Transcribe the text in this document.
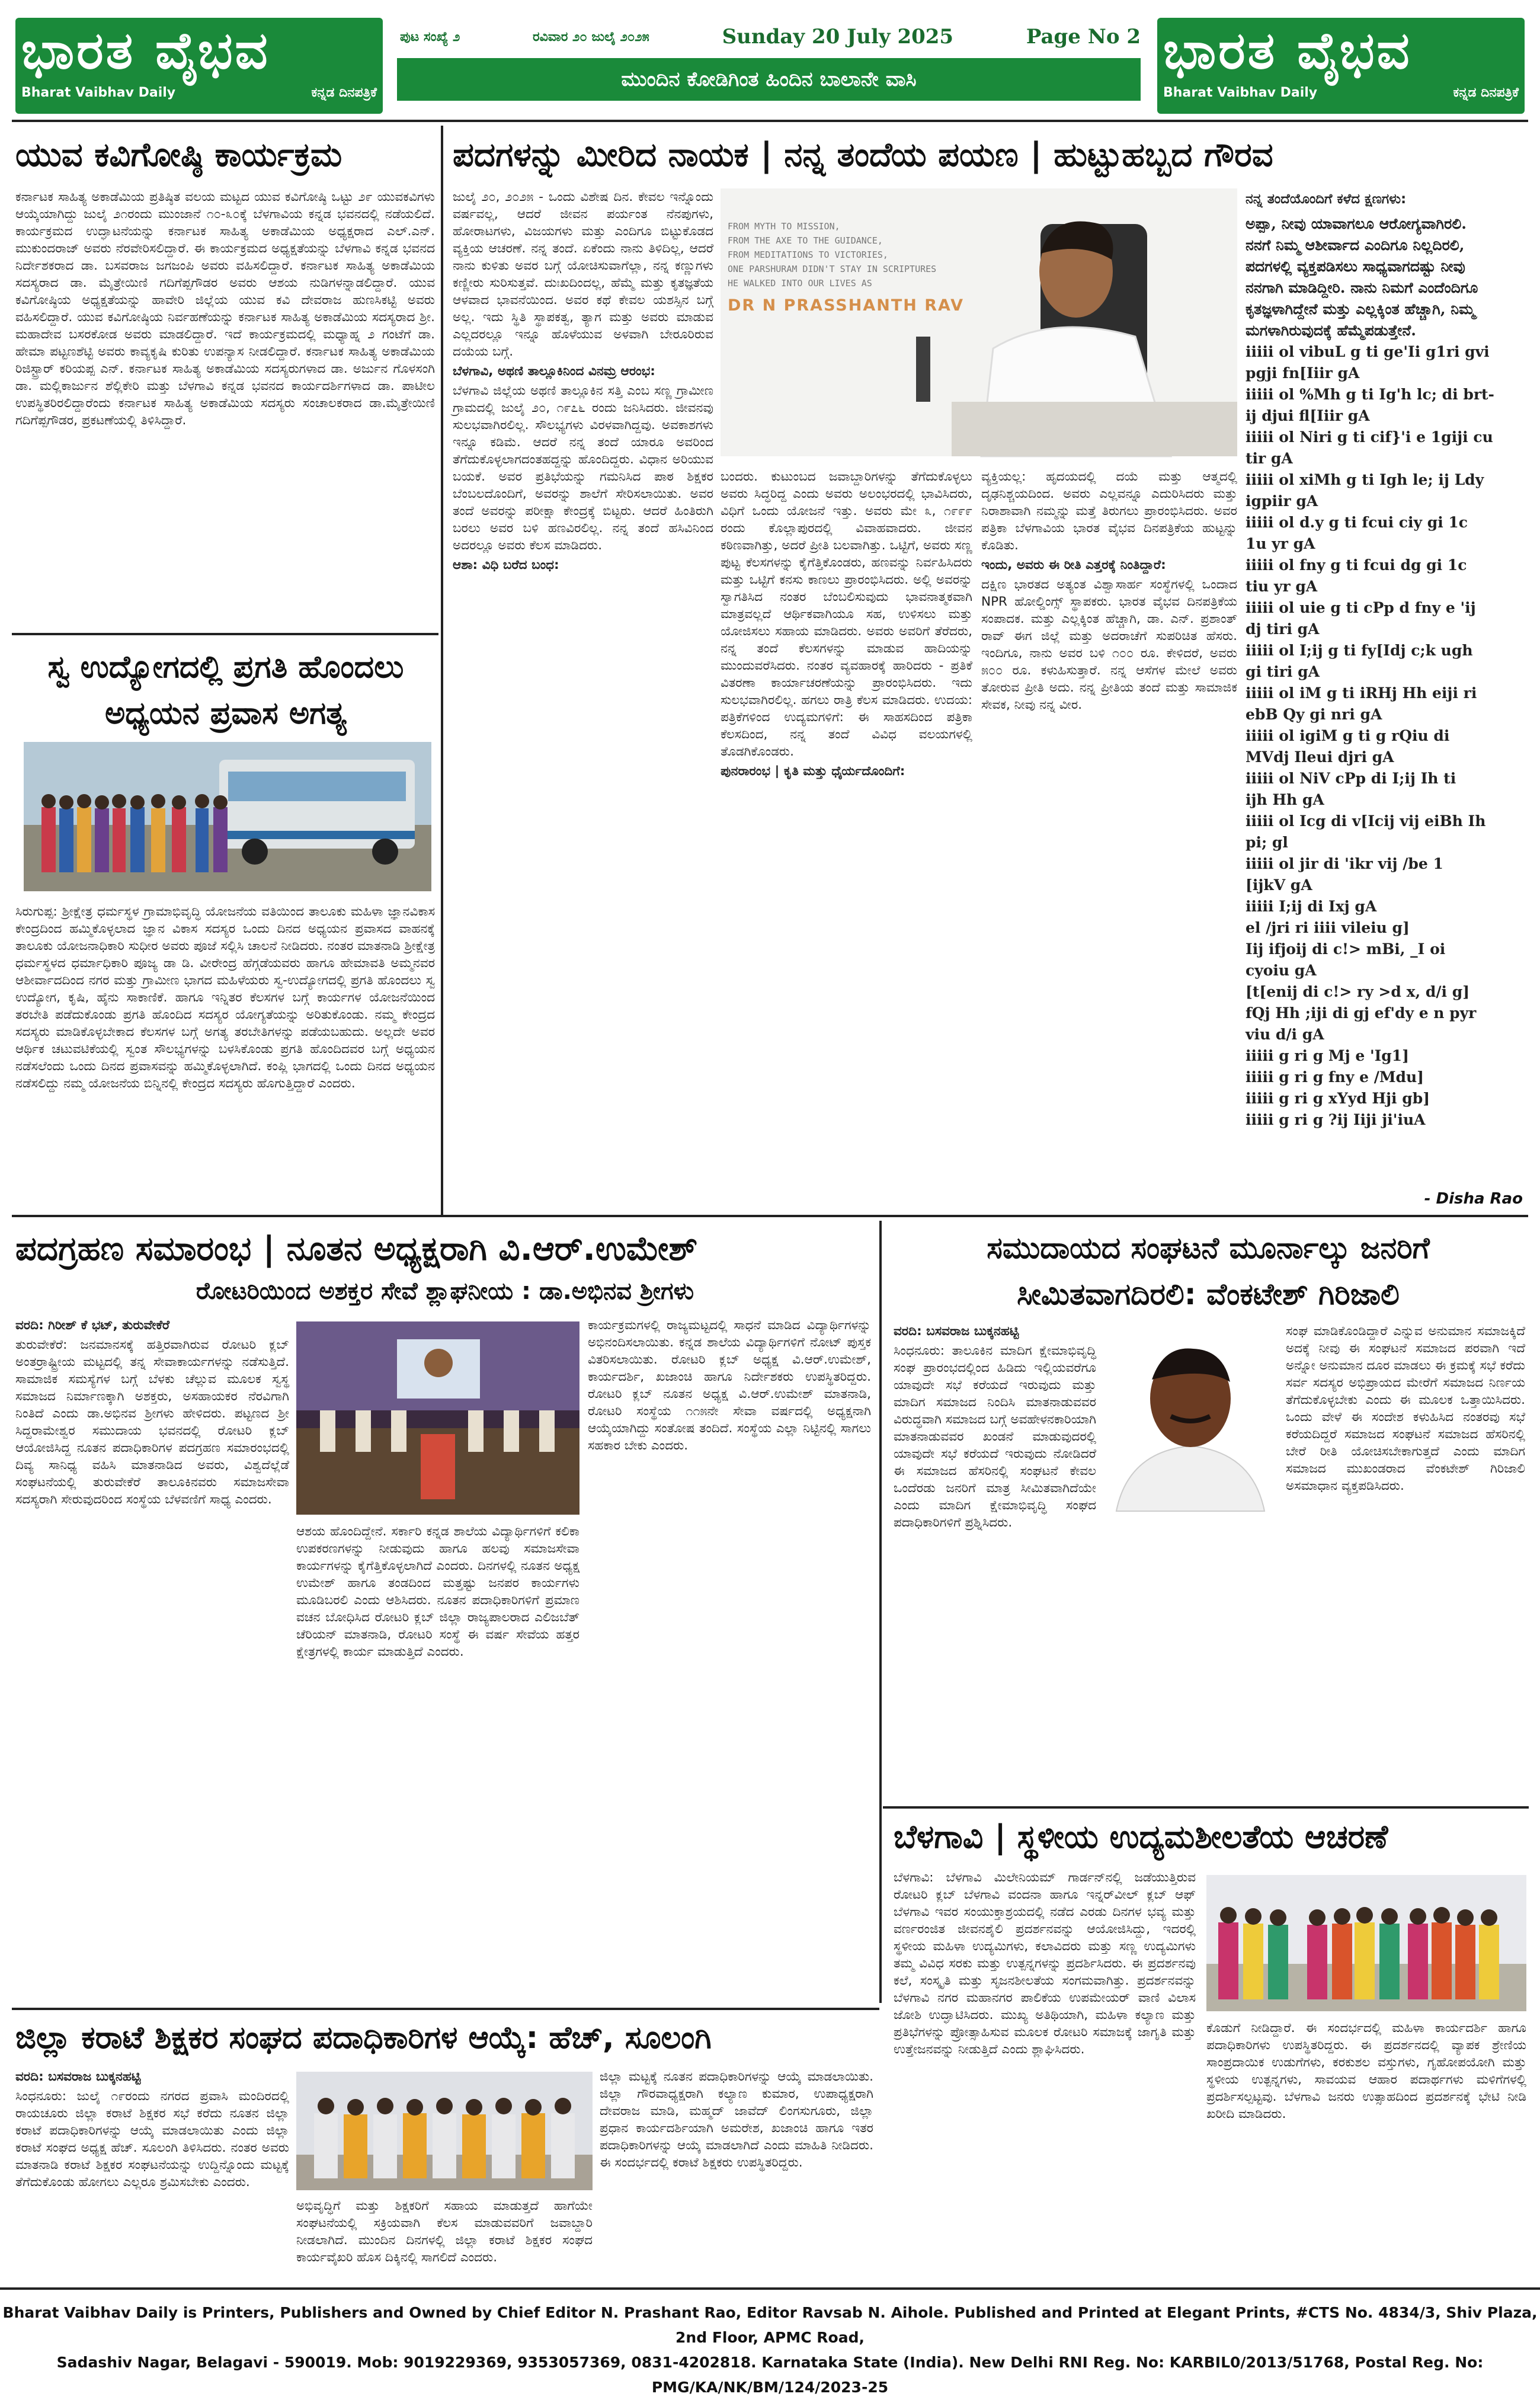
ಭಾರತ ವೈಭವ
Bharat Vaibhav Daily	ಕನ್ನಡ ದಿನಪತ್ರಿಕೆ
ಪುಟ ಸಂಖ್ಯೆ ೨	ರವಿವಾರ ೨೦ ಜುಲೈ ೨೦೨೫	Sunday 20 July 2025	Page No 2
ಮುಂದಿನ ಕೋಡಿಗಿಂತ ಹಿಂದಿನ ಬಾಲಾನೇ ವಾಸಿ	ಭಾರತ ವೈಭವ
Bharat Vaibhav Daily	ಕನ್ನಡ ದಿನಪತ್ರಿಕೆ
ಯುವ ಕವಿಗೋಷ್ಠಿ ಕಾರ್ಯಕ್ರಮ
ಕರ್ನಾಟಕ ಸಾಹಿತ್ಯ ಅಕಾಡೆಮಿಯ ಪ್ರತಿಷ್ಠಿತ ವಲಯ ಮಟ್ಟದ ಯುವ ಕವಿಗೋಷ್ಠಿ ಒಟ್ಟು ೨೯ ಯುವಕವಿಗಳು ಆಯ್ಕೆಯಾಗಿದ್ದು ಜುಲೈ ೨೧ರಂದು ಮುಂಜಾನೆ ೧೦-೩೦ಕ್ಕೆ ಬೆಳಗಾವಿಯ ಕನ್ನಡ ಭವನದಲ್ಲಿ ನಡೆಯಲಿದೆ. ಕಾರ್ಯಕ್ರಮದ ಉದ್ಘಾಟನೆಯನ್ನು ಕರ್ನಾಟಕ ಸಾಹಿತ್ಯ ಅಕಾಡೆಮಿಯ ಅಧ್ಯಕ್ಷರಾದ ಎಲ್.ಎನ್. ಮುಕುಂದರಾಜ್ ಅವರು ನೆರವೇರಿಸಲಿದ್ದಾರೆ. ಈ ಕಾರ್ಯಕ್ರಮದ ಅಧ್ಯಕ್ಷತೆಯನ್ನು ಬೆಳಗಾವಿ ಕನ್ನಡ ಭವನದ ನಿರ್ದೇಶಕರಾದ ಡಾ. ಬಸವರಾಜ ಜಗಜಂಪಿ ಅವರು ವಹಿಸಲಿದ್ದಾರೆ. ಕರ್ನಾಟಕ ಸಾಹಿತ್ಯ ಅಕಾಡೆಮಿಯ ಸದಸ್ಯರಾದ ಡಾ. ಮೈತ್ರೇಯಿಣಿ ಗದಿಗೆಪ್ಪಗೌಡರ ಅವರು ಆಶಯ ನುಡಿಗಳನ್ನಾಡಲಿದ್ದಾರೆ. ಯುವ ಕವಿಗೋಷ್ಠಿಯ ಅಧ್ಯಕ್ಷತೆಯನ್ನು ಹಾವೇರಿ ಜಿಲ್ಲೆಯ ಯುವ ಕವಿ ದೇವರಾಜ ಹುಣಸಿಕಟ್ಟಿ ಅವರು ವಹಿಸಲಿದ್ದಾರೆ. ಯುವ ಕವಿಗೋಷ್ಠಿಯ ನಿರ್ವಹಣೆಯನ್ನು ಕರ್ನಾಟಕ ಸಾಹಿತ್ಯ ಅಕಾಡೆಮಿಯ ಸದಸ್ಯರಾದ ಶ್ರೀ. ಮಹಾದೇವ ಬಸರಕೋಡ ಅವರು ಮಾಡಲಿದ್ದಾರೆ. ಇದೆ ಕಾರ್ಯಕ್ರಮದಲ್ಲಿ ಮಧ್ಯಾಹ್ನ ೨ ಗಂಟೆಗೆ ಡಾ. ಹೇಮಾ ಪಟ್ಟಣಶೆಟ್ಟಿ ಅವರು ಕಾವ್ಯಕೃಷಿ ಕುರಿತು ಉಪನ್ಯಾಸ ನೀಡಲಿದ್ದಾರೆ. ಕರ್ನಾಟಕ ಸಾಹಿತ್ಯ ಅಕಾಡೆಮಿಯ ರಿಜಿಸ್ಟ್ರಾರ್ ಕರಿಯಪ್ಪ ಎನ್. ಕರ್ನಾಟಕ ಸಾಹಿತ್ಯ ಅಕಾಡೆಮಿಯ ಸದಸ್ಯರುಗಳಾದ ಡಾ. ಅರ್ಜುನ ಗೊಳಸಂಗಿ ಡಾ. ಮಲ್ಲಿಕಾರ್ಜುನ ಶೆಲ್ಲಿಕೇರಿ ಮತ್ತು ಬೆಳಗಾವಿ ಕನ್ನಡ ಭವನದ ಕಾರ್ಯದರ್ಶಿಗಳಾದ ಡಾ. ಪಾಟೀಲ ಉಪಸ್ಥಿತರಿರಲಿದ್ದಾರೆಂದು ಕರ್ನಾಟಕ ಸಾಹಿತ್ಯ ಅಕಾಡೆಮಿಯ ಸದಸ್ಯರು ಸಂಚಾಲಕರಾದ ಡಾ.ಮೈತ್ರೇಯಿಣಿ ಗದಿಗೆಪ್ಪಗೌಡರ, ಪ್ರಕಟಣೆಯಲ್ಲಿ ತಿಳಿಸಿದ್ದಾರೆ.
ಸ್ವ ಉದ್ಯೋಗದಲ್ಲಿ ಪ್ರಗತಿ ಹೊಂದಲು
ಅಧ್ಯಯನ ಪ್ರವಾಸ ಅಗತ್ಯ
ಸಿರುಗುಪ್ಪ: ಶ್ರೀಕ್ಷೇತ್ರ ಧರ್ಮಸ್ಥಳ ಗ್ರಾಮಾಭಿವೃದ್ಧಿ ಯೋಜನೆಯ ವತಿಯಿಂದ ತಾಲೂಕು ಮಹಿಳಾ ಜ್ಞಾನವಿಕಾಸ ಕೇಂದ್ರದಿಂದ ಹಮ್ಮಿಕೊಳ್ಳಲಾದ ಜ್ಞಾನ ವಿಕಾಸ ಸದಸ್ಯರ ಒಂದು ದಿನದ ಅಧ್ಯಯನ ಪ್ರವಾಸದ ವಾಹನಕ್ಕೆ ತಾಲೂಕು ಯೋಜನಾಧಿಕಾರಿ ಸುಧೀರ ಅವರು ಪೂಜೆ ಸಲ್ಲಿಸಿ ಚಾಲನೆ ನೀಡಿದರು. ನಂತರ ಮಾತನಾಡಿ ಶ್ರೀಕ್ಷೇತ್ರ ಧರ್ಮಸ್ಥಳದ ಧರ್ಮಾಧಿಕಾರಿ ಪೂಜ್ಯ ಡಾ ಡಿ. ವೀರೇಂದ್ರ ಹೆಗ್ಗಡೆಯವರು ಹಾಗೂ ಹೇಮಾವತಿ ಅಮ್ಮನವರ ಆಶೀರ್ವಾದದಿಂದ ನಗರ ಮತ್ತು ಗ್ರಾಮೀಣ ಭಾಗದ ಮಹಿಳೆಯರು ಸ್ವ-ಉದ್ಯೋಗದಲ್ಲಿ ಪ್ರಗತಿ ಹೊಂದಲು ಸ್ವ ಉದ್ಯೋಗ, ಕೃಷಿ, ಹೈನು ಸಾಕಾಣಿಕೆ. ಹಾಗೂ ಇನ್ನಿತರ ಕೆಲಸಗಳ ಬಗ್ಗೆ ಕಾರ್ಯಗಳ ಯೋಜನೆಯಿಂದ ತರಬೇತಿ ಪಡೆದುಕೊಂಡು ಪ್ರಗತಿ ಹೊಂದಿದ ಸದಸ್ಯರ ಯೋಗ್ಯತೆಯನ್ನು ಅರಿತುಕೊಂಡು. ನಮ್ಮ ಕೇಂದ್ರದ ಸದಸ್ಯರು ಮಾಡಿಕೊಳ್ಳಬೇಕಾದ ಕೆಲಸಗಳ ಬಗ್ಗೆ ಅಗತ್ಯ ತರಬೇತಿಗಳನ್ನು ಪಡೆಯಬಹುದು. ಅಲ್ಲದೇ ಅವರ ಆರ್ಥಿಕ ಚಟುವಟಿಕೆಯಲ್ಲಿ ಸ್ವಂತ ಸೌಲಭ್ಯಗಳನ್ನು ಬಳಸಿಕೊಂಡು ಪ್ರಗತಿ ಹೊಂದಿದವರ ಬಗ್ಗೆ ಅಧ್ಯಯನ ನಡೆಸಲೆಂದು ಒಂದು ದಿನದ ಪ್ರವಾಸವನ್ನು ಹಮ್ಮಿಕೊಳ್ಳಲಾಗಿದೆ. ಕಂಪ್ಲಿ ಭಾಗದಲ್ಲಿ ಒಂದು ದಿನದ ಅಧ್ಯಯನ ನಡೆಸಲಿದ್ದು ನಮ್ಮ ಯೋಜನೆಯ ಬಿನ್ನಿನಲ್ಲಿ ಕೇಂದ್ರದ ಸದಸ್ಯರು ಹೊಗುತ್ತಿದ್ದಾರೆ ಎಂದರು.
ಪದಗಳನ್ನು ಮೀರಿದ ನಾಯಕ | ನನ್ನ ತಂದೆಯ ಪಯಣ | ಹುಟ್ಟುಹಬ್ಬದ ಗೌರವ

ಜುಲೈ ೨೦, ೨೦೨೫ - ಒಂದು ವಿಶೇಷ ದಿನ. ಕೇವಲ ಇನ್ನೊಂದು ವರ್ಷವಲ್ಲ, ಆದರೆ ಜೀವನ ಪರ್ಯಂತ ನೆನಪುಗಳು, ಹೋರಾಟಗಳು, ವಿಜಯಗಳು ಮತ್ತು ಎಂದಿಗೂ ಬಿಟ್ಟುಕೊಡದ ವ್ಯಕ್ತಿಯ ಆಚರಣೆ. ನನ್ನ ತಂದೆ. ಏಕೆಂದು ನಾನು ತಿಳಿದಿಲ್ಲ, ಆದರೆ ನಾನು ಕುಳಿತು ಅವರ ಬಗ್ಗೆ ಯೋಚಿಸುವಾಗೆಲ್ಲಾ, ನನ್ನ ಕಣ್ಣುಗಳು ಕಣ್ಣೀರು ಸುರಿಸುತ್ತವೆ. ದುಃಖದಿಂದಲ್ಲ, ಹೆಮ್ಮೆ ಮತ್ತು ಕೃತಜ್ಞತೆಯ ಆಳವಾದ ಭಾವನೆಯಿಂದ. ಅವರ ಕಥೆ ಕೇವಲ ಯಶಸ್ಸಿನ ಬಗ್ಗೆ ಅಲ್ಲ. ಇದು ಸ್ಥಿತಿ ಸ್ಥಾಪಕತ್ವ, ತ್ಯಾಗ ಮತ್ತು ಅವರು ಮಾಡುವ ಎಲ್ಲದರಲ್ಲೂ ಇನ್ನೂ ಹೊಳೆಯುವ ಅಳವಾಗಿ ಬೇರೂರಿರುವ ದಯೆಯ ಬಗ್ಗೆ.

ಬೆಳಗಾವಿ, ಅಥಣಿ ತಾಲ್ಲೂಕಿನಿಂದ ವಿನಮ್ರ ಆರಂಭ:

ಬೆಳಗಾವಿ ಜಿಲ್ಲೆಯ ಅಥಣಿ ತಾಲ್ಲೂಕಿನ ಸತ್ತಿ ಎಂಬ ಸಣ್ಣ ಗ್ರಾಮೀಣ ಗ್ರಾಮದಲ್ಲಿ ಜುಲೈ ೨೦, ೧೯೭೬ ರಂದು ಜನಿಸಿದರು. ಜೀವನವು ಸುಲಭವಾಗಿರಲಿಲ್ಲ. ಸೌಲಭ್ಯಗಳು ವಿರಳವಾಗಿದ್ದವು. ಅವಕಾಶಗಳು ಇನ್ನೂ ಕಡಿಮೆ. ಆದರೆ ನನ್ನ ತಂದೆ ಯಾರೂ ಅವರಿಂದ ತೆಗೆದುಕೊಳ್ಳಲಾಗದಂತಹದ್ದನ್ನು ಹೊಂದಿದ್ದರು. ವಿಧಾನ ಅರಿಯುವ ಬಯಕೆ. ಅವರ ಪ್ರತಿಭೆಯನ್ನು ಗಮನಿಸಿದ ಪಾಠ ಶಿಕ್ಷಕರ ಬೆಂಬಲದೊಂದಿಗೆ, ಅವರನ್ನು ಶಾಲೆಗೆ ಸೇರಿಸಲಾಯಿತು. ಅವರ ತಂದೆ ಅವರನ್ನು ಪರೀಕ್ಷಾ ಕೇಂದ್ರಕ್ಕೆ ಬಿಟ್ಟರು. ಆದರೆ ಹಿಂತಿರುಗಿ ಬರಲು ಅವರ ಬಳಿ ಹಣವಿರಲಿಲ್ಲ. ನನ್ನ ತಂದೆ ಹಸಿವಿನಿಂದ ಅದರಲ್ಲೂ ಅವರು ಕೆಲಸ ಮಾಡಿದರು.

ಆಶಾ: ವಿಧಿ ಬರೆದ ಬಂಧ:

FROM MYTH TO MISSION,
FROM THE AXE TO THE GUIDANCE,
FROM MEDITATIONS TO VICTORIES,
ONE PARSHURAM DIDN'T STAY IN SCRIPTURES
HE WALKED INTO OUR LIVES AS
DR N PRASSHANTH RAV

ಬಂದರು. ಕುಟುಂಬದ ಜವಾಬ್ದಾರಿಗಳನ್ನು ತೆಗೆದುಕೊಳ್ಳಲು ಅವರು ಸಿದ್ಧರಿದ್ದ ಎಂದು ಅವರು ಅಲಂಭರದಲ್ಲಿ ಭಾವಿಸಿದರು, ವಿಧಿಗೆ ಒಂದು ಯೋಜನೆ ಇತ್ತು. ಅವರು ಮೇ ೩, ೧೯೯೯ ರಂದು ಕೊಲ್ಲಾಪುರದಲ್ಲಿ ವಿವಾಹವಾದರು. ಜೀವನ ಕಠಿಣವಾಗಿತ್ತು, ಅದರೆ ಪ್ರೀತಿ ಬಲವಾಗಿತ್ತು. ಒಟ್ಟಿಗೆ, ಅವರು ಸಣ್ಣ ಪುಟ್ಟ ಕೆಲಸಗಳನ್ನು ಕೈಗೆತ್ತಿಕೊಂಡರು, ಹಣವನ್ನು ನಿರ್ವಹಿಸಿದರು ಮತ್ತು ಒಟ್ಟಿಗೆ ಕನಸು ಕಾಣಲು ಪ್ರಾರಂಭಿಸಿದರು. ಅಲ್ಲಿ ಅವರನ್ನು ಸ್ವಾಗತಿಸಿದ ನಂತರ ಬೆಂಬಲಿಸುವುದು ಭಾವನಾತ್ಮಕವಾಗಿ ಮಾತ್ರವಲ್ಲದೆ ಆರ್ಥಿಕವಾಗಿಯೂ ಸಹ, ಉಳಿಸಲು ಮತ್ತು ಯೋಜಿಸಲು ಸಹಾಯ ಮಾಡಿದರು. ಅವರು ಅವರಿಗೆ ತೆರೆದರು, ನನ್ನ ತಂದೆ ಕೆಲಸಗಳನ್ನು ಮಾಡುವ ಹಾದಿಯನ್ನು ಮುಂದುವರೆಸಿದರು. ನಂತರ ವ್ಯವಹಾರಕ್ಕೆ ಹಾರಿದರು - ಪ್ರತಿಕೆ ವಿತರಣಾ ಕಾರ್ಯಾಚರಣೆಯನ್ನು ಪ್ರಾರಂಭಿಸಿದರು. ಇದು ಸುಲಭವಾಗಿರಲಿಲ್ಲ. ಹಗಲು ರಾತ್ರಿ ಕೆಲಸ ಮಾಡಿದರು. ಉದಯ: ಪತ್ರಿಕೆಗಳಿಂದ ಉದ್ಯಮಗಳಿಗೆ: ಈ ಸಾಹಸದಿಂದ ಪತ್ರಿಕಾ ಕೆಲಸದಿಂದ, ನನ್ನ ತಂದೆ ವಿವಿಧ ವಲಯಗಳಲ್ಲಿ ತೊಡಗಿಕೊಂಡರು.

ಪುನರಾರಂಭ | ಕೃತಿ ಮತ್ತು ಧೈರ್ಯದೊಂದಿಗೆ:

ವ್ಯಕ್ತಿಯಲ್ಲ: ಹೃದಯದಲ್ಲಿ ದಯೆ ಮತ್ತು ಆತ್ಮದಲ್ಲಿ ದೃಢನಿಶ್ಚಯದಿಂದ. ಅವರು ಎಲ್ಲವನ್ನೂ ಎದುರಿಸಿದರು ಮತ್ತು ನಿರಾಶಾವಾಗಿ ನಮ್ಮನ್ನು ಮತ್ತೆ ತಿರುಗಲು ಪ್ರಾರಂಭಿಸಿದರು. ಅವರ ಪತ್ರಿಕಾ ಬೆಳಗಾವಿಯ ಭಾರತ ವೈಭವ ದಿನಪತ್ರಿಕೆಯ ಹುಟ್ಟನ್ನು ಕೊಡಿತು.

ಇಂದು, ಅವರು ಈ ರೀತಿ ಎತ್ತರಕ್ಕೆ ನಿಂತಿದ್ದಾರೆ:

ದಕ್ಷಿಣ ಭಾರತದ ಅತ್ಯಂತ ವಿಶ್ವಾಸಾರ್ಹ ಸಂಸ್ಥೆಗಳಲ್ಲಿ ಒಂದಾದ NPR ಹೋಲ್ಡಿಂಗ್ಸ್ ಸ್ಥಾಪಕರು. ಭಾರತ ವೈಭವ ದಿನಪತ್ರಿಕೆಯ ಸಂಪಾದಕ. ಮತ್ತು ಎಲ್ಲಕ್ಕಿಂತ ಹೆಚ್ಚಾಗಿ, ಡಾ. ಎನ್. ಪ್ರಶಾಂತ್ ರಾವ್ ಈಗ ಜಿಲ್ಲೆ ಮತ್ತು ಅದರಾಚೆಗೆ ಸುಪರಿಚಿತ ಹೆಸರು. ಇಂದಿಗೂ, ನಾನು ಅವರ ಬಳಿ ೧೦೦ ರೂ. ಕೇಳಿದರೆ, ಅವರು ೫೦೦ ರೂ. ಕಳುಹಿಸುತ್ತಾರೆ. ನನ್ನ ಆಸೆಗಳ ಮೇಲೆ ಅವರು ತೋರುವ ಪ್ರೀತಿ ಅದು. ನನ್ನ ಪ್ರೀತಿಯ ತಂದೆ ಮತ್ತು ಸಾಮಾಜಿಕ ಸೇವಕ, ನೀವು ನನ್ನ ವೀರ.

ನನ್ನ ತಂದೆಯೊಂದಿಗೆ ಕಳೆದ ಕ್ಷಣಗಳು:
ಅಪ್ಪಾ, ನೀವು ಯಾವಾಗಲೂ ಆರೋಗ್ಯವಾಗಿರಲಿ.
ನನಗೆ ನಿಮ್ಮ ಆಶೀರ್ವಾದ ಎಂದಿಗೂ ನಿಲ್ಲದಿರಲಿ,
ಪದಗಳಲ್ಲಿ ವ್ಯಕ್ತಪಡಿಸಲು ಸಾಧ್ಯವಾಗದಷ್ಟು ನೀವು
ನನಗಾಗಿ ಮಾಡಿದ್ದೀರಿ. ನಾನು ನಿಮಗೆ ಎಂದೆಂದಿಗೂ
ಕೃತಜ್ಞಳಾಗಿದ್ದೇನೆ ಮತ್ತು ಎಲ್ಲಕ್ಕಿಂತ ಹೆಚ್ಚಾಗಿ, ನಿಮ್ಮ
ಮಗಳಾಗಿರುವುದಕ್ಕೆ ಹೆಮ್ಮೆಪಡುತ್ತೇನೆ.
iiiii ol vibuL g ti ge'Ii g1ri gvi
pgji fn[Iiir gA
iiiii ol %Mh g ti Ig'h lc; di brt-
ij djui fl[Iiir gA
iiiii ol Niri g ti cif}'i e 1giji cu
tir gA
iiiii ol xiMh g ti Igh le; ij Ldy
igpiir gA
iiiii ol d.y g ti fcui ciy gi 1c
1u yr gA
iiiii ol fny g ti fcui dg gi 1c
tiu yr gA
iiiii ol uie g ti cPp d fny e 'ij
dj tiri gA
iiiii ol I;ij g ti fy[Idj c;k ugh
gi tiri gA
iiiii ol iM g ti iRHj Hh eiji ri
ebB Qy gi nri gA
iiiii ol igiM g ti g rQiu di
MVdj Ileui djri gA
iiiii ol NiV cPp di I;ij Ih ti
ijh Hh gA
iiiii ol Icg di v[Icij vij eiBh Ih
pi; gl
iiiii ol jir di 'ikr vij /be 1
[ijkV gA
iiiii I;ij di Ixj gA
el /jri ri iiii vileiu g]
Iij ifjoij di c!> mBi, _I oi
cyoiu gA
[t[enij di c!> ry >d x, d/i g]
fQj Hh ;iji di gj ef'dy e n pyr
viu d/i gA
iiiii g ri g Mj e 'Ig1]
iiiii g ri g fny e /Mdu]
iiiii g ri g xYyd Hji gb]
iiiii g ri g ?ij Iiji ji'iuA
- Disha Rao
ಪದಗ್ರಹಣ ಸಮಾರಂಭ | ನೂತನ ಅಧ್ಯಕ್ಷರಾಗಿ ವಿ.ಆರ್.ಉಮೇಶ್
ರೋಟರಿಯಿಂದ ಅಶಕ್ತರ ಸೇವೆ ಶ್ಲಾಘನೀಯ : ಡಾ.ಅಭಿನವ ಶ್ರೀಗಳು

ವರದಿ: ಗಿರೀಶ್ ಕೆ ಭಟ್, ತುರುವೇಕೆರೆ

ತುರುವೇಕೆರೆ: ಜನಮಾನಸಕ್ಕೆ ಹತ್ತಿರವಾಗಿರುವ ರೋಟರಿ ಕ್ಲಬ್ ಅಂತರ್ರಾಷ್ಟ್ರೀಯ ಮಟ್ಟದಲ್ಲಿ ತನ್ನ ಸೇವಾಕಾರ್ಯಗಳನ್ನು ನಡೆಸುತ್ತಿದೆ. ಸಾಮಾಜಿಕ ಸಮಸ್ಯೆಗಳ ಬಗ್ಗೆ ಬೆಳಕು ಚೆಲ್ಲುವ ಮೂಲಕ ಸ್ವಸ್ಥ ಸಮಾಜದ ನಿರ್ಮಾಣಕ್ಕಾಗಿ ಅಶಕ್ತರು, ಅಸಹಾಯಕರ ನೆರವಿಗಾಗಿ ನಿಂತಿದೆ ಎಂದು ಡಾ.ಅಭಿನವ ಶ್ರೀಗಳು ಹೇಳಿದರು. ಪಟ್ಟಣದ ಶ್ರೀ ಸಿದ್ದರಾಮೇಶ್ವರ ಸಮುದಾಯ ಭವನದಲ್ಲಿ ರೋಟರಿ ಕ್ಲಬ್ ಆಯೋಜಿಸಿದ್ದ ನೂತನ ಪದಾಧಿಕಾರಿಗಳ ಪದಗ್ರಹಣ ಸಮಾರಂಭದಲ್ಲಿ ದಿವ್ಯ ಸಾನಿಧ್ಯ ವಹಿಸಿ ಮಾತನಾಡಿದ ಅವರು, ವಿಶ್ವದೆಲ್ಲೆಡೆ ಸಂಘಟನೆಯಲ್ಲಿ ತುರುವೇಕೆರೆ ತಾಲೂಕಿನವರು ಸಮಾಜಸೇವಾ ಸದಸ್ಯರಾಗಿ ಸೇರುವುದರಿಂದ ಸಂಸ್ಥೆಯ ಬೆಳವಣಿಗೆ ಸಾಧ್ಯ ಎಂದರು.

ಆಶಯ ಹೊಂದಿದ್ದೇನೆ. ಸರ್ಕಾರಿ ಕನ್ನಡ ಶಾಲೆಯ ವಿದ್ಯಾರ್ಥಿಗಳಿಗೆ ಕಲಿಕಾ ಉಪಕರಣಗಳನ್ನು ನೀಡುವುದು ಹಾಗೂ ಹಲವು ಸಮಾಜಸೇವಾ ಕಾರ್ಯಗಳನ್ನು ಕೈಗೆತ್ತಿಕೊಳ್ಳಲಾಗಿದೆ ಎಂದರು. ದಿನಗಳಲ್ಲಿ ನೂತನ ಅಧ್ಯಕ್ಷ ಉಮೇಶ್ ಹಾಗೂ ತಂಡದಿಂದ ಮತ್ತಷ್ಟು ಜನಪರ ಕಾರ್ಯಗಳು ಮೂಡಿಬರಲಿ ಎಂದು ಆಶಿಸಿದರು. ನೂತನ ಪದಾಧಿಕಾರಿಗಳಿಗೆ ಪ್ರಮಾಣ ವಚನ ಬೋಧಿಸಿದ ರೋಟರಿ ಕ್ಲಬ್ ಜಿಲ್ಲಾ ರಾಜ್ಯಪಾಲರಾದ ಎಲಿಜಬೆತ್ ಚೆರಿಯನ್ ಮಾತನಾಡಿ, ರೋಟರಿ ಸಂಸ್ಥೆ ಈ ವರ್ಷ ಸೇವೆಯ ಹತ್ತರ ಕ್ಷೇತ್ರಗಳಲ್ಲಿ ಕಾರ್ಯ ಮಾಡುತ್ತಿದೆ ಎಂದರು.
ಕಾರ್ಯಕ್ರಮಗಳಲ್ಲಿ ರಾಜ್ಯಮಟ್ಟದಲ್ಲಿ ಸಾಧನೆ ಮಾಡಿದ ವಿದ್ಯಾರ್ಥಿಗಳನ್ನು ಅಭಿನಂದಿಸಲಾಯಿತು. ಕನ್ನಡ ಶಾಲೆಯ ವಿದ್ಯಾರ್ಥಿಗಳಿಗೆ ನೋಟ್ ಪುಸ್ತಕ ವಿತರಿಸಲಾಯಿತು. ರೋಟರಿ ಕ್ಲಬ್ ಅಧ್ಯಕ್ಷ ವಿ.ಆರ್.ಉಮೇಶ್, ಕಾರ್ಯದರ್ಶಿ, ಖಜಾಂಚಿ ಹಾಗೂ ನಿರ್ದೇಶಕರು ಉಪಸ್ಥಿತರಿದ್ದರು. ರೋಟರಿ ಕ್ಲಬ್ ನೂತನ ಅಧ್ಯಕ್ಷ ವಿ.ಆರ್.ಉಮೇಶ್ ಮಾತನಾಡಿ, ರೋಟರಿ ಸಂಸ್ಥೆಯ ೧೧೫ನೇ ಸೇವಾ ವರ್ಷದಲ್ಲಿ ಅಧ್ಯಕ್ಷನಾಗಿ ಆಯ್ಕೆಯಾಗಿದ್ದು ಸಂತೋಷ ತಂದಿದೆ. ಸಂಸ್ಥೆಯ ಎಲ್ಲಾ ನಿಟ್ಟಿನಲ್ಲಿ ಸಾಗಲು ಸಹಕಾರ ಬೇಕು ಎಂದರು.
ಸಮುದಾಯದ ಸಂಘಟನೆ ಮೂರ್ನಾಲ್ಕು ಜನರಿಗೆ
ಸೀಮಿತವಾಗದಿರಲಿ: ವೆಂಕಟೇಶ್ ಗಿರಿಜಾಲಿ

ವರದಿ: ಬಸವರಾಜ ಬುಕ್ಕನಹಟ್ಟಿ

ಸಿಂಧನೂರು: ತಾಲೂಕಿನ ಮಾದಿಗ ಕ್ಷೇಮಾಭಿವೃದ್ಧಿ ಸಂಘ ಪ್ರಾರಂಭದಲ್ಲಿಂದ ಹಿಡಿದು ಇಲ್ಲಿಯವರೆಗೂ ಯಾವುದೇ ಸಭೆ ಕರೆಯದೆ ಇರುವುದು ಮತ್ತು ಮಾದಿಗ ಸಮಾಜದ ನಿಂದಿಸಿ ಮಾತನಾಡುವವರ ವಿರುದ್ಧವಾಗಿ ಸಮಾಜದ ಬಗ್ಗೆ ಅವಹೇಳನಕಾರಿಯಾಗಿ ಮಾತನಾಡುವವರ ಖಂಡನೆ ಮಾಡುವುದರಲ್ಲಿ ಯಾವುದೇ ಸಭೆ ಕರೆಯದೆ ಇರುವುದು ನೋಡಿದರೆ ಈ ಸಮಾಜದ ಹೆಸರಿನಲ್ಲಿ ಸಂಘಟನೆ ಕೇವಲ ಒಂದೆರಡು ಜನರಿಗೆ ಮಾತ್ರ ಸೀಮಿತವಾಗಿದೆಯೇ ಎಂದು ಮಾದಿಗ ಕ್ಷೇಮಾಭಿವೃದ್ಧಿ ಸಂಘದ ಪದಾಧಿಕಾರಿಗಳಿಗೆ ಪ್ರಶ್ನಿಸಿದರು.

ಸಂಘ ಮಾಡಿಕೊಂಡಿದ್ದಾರೆ ಎನ್ನುವ ಅನುಮಾನ ಸಮಾಜಕ್ಕಿದೆ ಅದಕ್ಕೆ ನೀವು ಈ ಸಂಘಟನೆ ಸಮಾಜದ ಪರವಾಗಿ ಇದೆ ಅನ್ನೋ ಅನುಮಾನ ದೂರ ಮಾಡಲು ಈ ಕ್ರಮಕ್ಕೆ ಸಭೆ ಕರೆದು ಸರ್ವ ಸದಸ್ಯರ ಅಭಿಪ್ರಾಯದ ಮೇರೆಗೆ ಸಮಾಜದ ನಿರ್ಣಯ ತೆಗೆದುಕೊಳ್ಳಬೇಕು ಎಂದು ಈ ಮೂಲಕ ಒತ್ತಾಯಿಸಿದರು. ಒಂದು ವೇಳೆ ಈ ಸಂದೇಶ ಕಳುಹಿಸಿದ ನಂತರವು ಸಭೆ ಕರೆಯದಿದ್ದರೆ ಸಮಾಜದ ಸಂಘಟನೆ ಸಮಾಜದ ಹೆಸರಿನಲ್ಲಿ ಬೇರೆ ರೀತಿ ಯೋಚಿಸಬೇಕಾಗುತ್ತದೆ ಎಂದು ಮಾದಿಗ ಸಮಾಜದ ಮುಖಂಡರಾದ ವೆಂಕಟೇಶ್ ಗಿರಿಜಾಲಿ ಅಸಮಾಧಾನ ವ್ಯಕ್ತಪಡಿಸಿದರು.
ಬೆಳಗಾವಿ | ಸ್ಥಳೀಯ ಉದ್ಯಮಶೀಲತೆಯ ಆಚರಣೆ
ಬೆಳಗಾವಿ: ಬೆಳಗಾವಿ ಮಿಲೇನಿಯಮ್ ಗಾರ್ಡನ್‌ನಲ್ಲಿ ಜಡೆಯುತ್ತಿರುವ ರೋಟರಿ ಕ್ಲಬ್ ಬೆಳಗಾವಿ ವಂದನಾ ಹಾಗೂ ಇನ್ನರ್‌ವೀಲ್ ಕ್ಲಬ್ ಆಫ್ ಬೆಳಗಾವಿ ಇವರ ಸಂಯುಕ್ತಾಶ್ರಯದಲ್ಲಿ ನಡೆದ ಎರಡು ದಿನಗಳ ಭವ್ಯ ಮತ್ತು ವರ್ಣರಂಜಿತ ಜೀವನಶೈಲಿ ಪ್ರದರ್ಶನವನ್ನು ಆಯೋಜಿಸಿದ್ದು, ಇದರಲ್ಲಿ ಸ್ಥಳೀಯ ಮಹಿಳಾ ಉದ್ಯಮಿಗಳು, ಕಲಾವಿದರು ಮತ್ತು ಸಣ್ಣ ಉದ್ಯಮಿಗಳು ತಮ್ಮ ವಿವಿಧ ಸರಕು ಮತ್ತು ಉತ್ಪನ್ನಗಳನ್ನು ಪ್ರದರ್ಶಿಸಿದರು. ಈ ಪ್ರದರ್ಶನವು ಕಲೆ, ಸಂಸ್ಕೃತಿ ಮತ್ತು ಸೃಜನಶೀಲತೆಯ ಸಂಗಮವಾಗಿತ್ತು. ಪ್ರದರ್ಶನವನ್ನು ಬೆಳಗಾವಿ ನಗರ ಮಹಾನಗರ ಪಾಲಿಕೆಯ ಉಪಮೇಯರ್ ವಾಣಿ ವಿಲಾಸ ಜೋಶಿ ಉದ್ಘಾಟಿಸಿದರು. ಮುಖ್ಯ ಅತಿಥಿಯಾಗಿ, ಮಹಿಳಾ ಕಲ್ಯಾಣ ಮತ್ತು ಪ್ರತಿಭೆಗಳನ್ನು ಪ್ರೋತ್ಸಾಹಿಸುವ ಮೂಲಕ ರೋಟರಿ ಸಮಾಜಕ್ಕೆ ಜಾಗೃತಿ ಮತ್ತು ಉತ್ತೇಜನವನ್ನು ನೀಡುತ್ತಿದೆ ಎಂದು ಶ್ಲಾಘಿಸಿದರು.
ಕೊಡುಗೆ ನೀಡಿದ್ದಾರೆ. ಈ ಸಂದರ್ಭದಲ್ಲಿ ಮಹಿಳಾ ಕಾರ್ಯದರ್ಶಿ ಹಾಗೂ ಪದಾಧಿಕಾರಿಗಳು ಉಪಸ್ಥಿತರಿದ್ದರು. ಈ ಪ್ರದರ್ಶನದಲ್ಲಿ ವ್ಯಾಪಕ ಶ್ರೇಣಿಯ ಸಾಂಪ್ರದಾಯಿಕ ಉಡುಗೆಗಳು, ಕರಕುಶಲ ವಸ್ತುಗಳು, ಗೃಹೋಪಯೋಗಿ ಮತ್ತು ಸ್ಥಳೀಯ ಉತ್ಪನ್ನಗಳು, ಸಾವಯವ ಆಹಾರ ಪದಾರ್ಥಗಳು ಮಳಿಗೆಗಳಲ್ಲಿ ಪ್ರದರ್ಶಿಸಲ್ಪಟ್ಟವು. ಬೆಳಗಾವಿ ಜನರು ಉತ್ಸಾಹದಿಂದ ಪ್ರದರ್ಶನಕ್ಕೆ ಭೇಟಿ ನೀಡಿ ಖರೀದಿ ಮಾಡಿದರು.
ಜಿಲ್ಲಾ ಕರಾಟೆ ಶಿಕ್ಷಕರ ಸಂಘದ ಪದಾಧಿಕಾರಿಗಳ ಆಯ್ಕೆ: ಹೆಚ್, ಸೂಲಂಗಿ

ವರದಿ: ಬಸವರಾಜ ಬುಕ್ಕನಹಟ್ಟಿ

ಸಿಂಧನೂರು: ಜುಲೈ ೧೯ರಂದು ನಗರದ ಪ್ರವಾಸಿ ಮಂದಿರದಲ್ಲಿ ರಾಯಚೂರು ಜಿಲ್ಲಾ ಕರಾಟೆ ಶಿಕ್ಷಕರ ಸಭೆ ಕರೆದು ನೂತನ ಜಿಲ್ಲಾ ಕರಾಟೆ ಪದಾಧಿಕಾರಿಗಳನ್ನು ಆಯ್ಕೆ ಮಾಡಲಾಯಿತು ಎಂದು ಜಿಲ್ಲಾ ಕರಾಟೆ ಸಂಘದ ಅಧ್ಯಕ್ಷ ಹೆಚ್. ಸೂಲಂಗಿ ತಿಳಿಸಿದರು. ನಂತರ ಅವರು ಮಾತನಾಡಿ ಕರಾಟೆ ಶಿಕ್ಷಕರ ಸಂಘಟನೆಯನ್ನು ಉದ್ದಿನ್ನೊಂದು ಮಟ್ಟಕ್ಕೆ ತೆಗೆದುಕೊಂಡು ಹೋಗಲು ಎಲ್ಲರೂ ಶ್ರಮಿಸಬೇಕು ಎಂದರು.

ಅಭಿವೃದ್ಧಿಗೆ ಮತ್ತು ಶಿಕ್ಷಕರಿಗೆ ಸಹಾಯ ಮಾಡುತ್ತದೆ ಹಾಗೆಯೇ ಸಂಘಟನೆಯಲ್ಲಿ ಸಕ್ರಿಯವಾಗಿ ಕೆಲಸ ಮಾಡುವವರಿಗೆ ಜವಾಬ್ದಾರಿ ನೀಡಲಾಗಿದೆ. ಮುಂದಿನ ದಿನಗಳಲ್ಲಿ ಜಿಲ್ಲಾ ಕರಾಟೆ ಶಿಕ್ಷಕರ ಸಂಘದ ಕಾರ್ಯವೈಖರಿ ಹೊಸ ದಿಕ್ಕಿನಲ್ಲಿ ಸಾಗಲಿದೆ ಎಂದರು.
ಜಿಲ್ಲಾ ಮಟ್ಟಕ್ಕೆ ನೂತನ ಪದಾಧಿಕಾರಿಗಳನ್ನು ಆಯ್ಕೆ ಮಾಡಲಾಯಿತು. ಜಿಲ್ಲಾ ಗೌರವಾಧ್ಯಕ್ಷರಾಗಿ ಕಲ್ಯಾಣ ಕುಮಾರ, ಉಪಾಧ್ಯಕ್ಷರಾಗಿ ದೇವರಾಜ ಮಾಡಿ, ಮಹ್ಮದ್ ಜಾವೆದ್ ಲಿಂಗಸುಗೂರು, ಜಿಲ್ಲಾ ಪ್ರಧಾನ ಕಾರ್ಯದರ್ಶಿಯಾಗಿ ಅಮರೇಶ, ಖಜಾಂಚಿ ಹಾಗೂ ಇತರ ಪದಾಧಿಕಾರಿಗಳನ್ನು ಆಯ್ಕೆ ಮಾಡಲಾಗಿದೆ ಎಂದು ಮಾಹಿತಿ ನೀಡಿದರು. ಈ ಸಂದರ್ಭದಲ್ಲಿ ಕರಾಟೆ ಶಿಕ್ಷಕರು ಉಪಸ್ಥಿತರಿದ್ದರು.
Bharat Vaibhav Daily is Printers, Publishers and Owned by Chief Editor N. Prashant Rao, Editor Ravsab N. Aihole. Published and Printed at Elegant Prints, #CTS No. 4834/3, Shiv Plaza, 2nd Floor, APMC Road,
Sadashiv Nagar, Belagavi - 590019. Mob: 9019229369, 9353057369, 0831-4202818. Karnataka State (India). New Delhi RNI Reg. No: KARBIL0/2013/51768, Postal Reg. No: PMG/KA/NK/BM/124/2023-25
